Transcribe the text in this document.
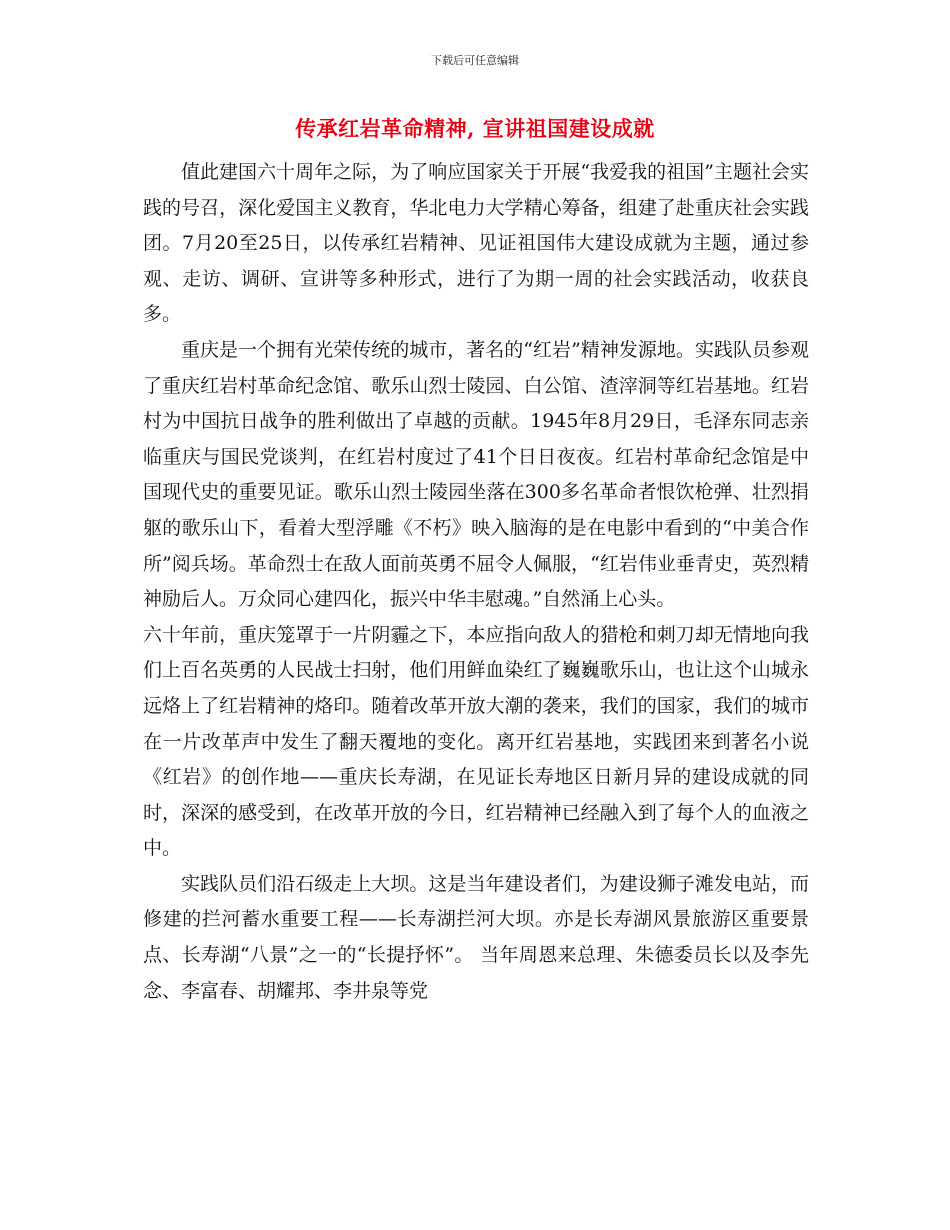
下载后可任意编辑
传承红岩革命精神, 宣讲祖国建设成就

值此建国六十周年之际，为了响应国家关于开展“我爱我的祖国”主题社会实践的号召，深化爱国主义教育，华北电力大学精心筹备，组建了赴重庆社会实践团。7月20至25日，以传承红岩精神、见证祖国伟大建设成就为主题，通过参观、走访、调研、宣讲等多种形式，进行了为期一周的社会实践活动，收获良多。

重庆是一个拥有光荣传统的城市，著名的“红岩”精神发源地。实践队员参观了重庆红岩村革命纪念馆、歌乐山烈士陵园、白公馆、渣滓洞等红岩基地。红岩村为中国抗日战争的胜利做出了卓越的贡献。1945年8月29日，毛泽东同志亲临重庆与国民党谈判，在红岩村度过了41个日日夜夜。红岩村革命纪念馆是中国现代史的重要见证。歌乐山烈士陵园坐落在300多名革命者恨饮枪弹、壮烈捐躯的歌乐山下，看着大型浮雕《不朽》映入脑海的是在电影中看到的“中美合作所”阅兵场。革命烈士在敌人面前英勇不屈令人佩服，“红岩伟业垂青史，英烈精神励后人。万众同心建四化，振兴中华丰慰魂。”自然涌上心头。

六十年前，重庆笼罩于一片阴霾之下，本应指向敌人的猎枪和刺刀却无情地向我们上百名英勇的人民战士扫射，他们用鲜血染红了巍巍歌乐山，也让这个山城永远烙上了红岩精神的烙印。随着改革开放大潮的袭来，我们的国家，我们的城市在一片改革声中发生了翻天覆地的变化。离开红岩基地，实践团来到著名小说《红岩》的创作地——重庆长寿湖，在见证长寿地区日新月异的建设成就的同时，深深的感受到，在改革开放的今日，红岩精神已经融入到了每个人的血液之中。

实践队员们沿石级走上大坝。这是当年建设者们，为建设狮子滩发电站，而修建的拦河蓄水重要工程——长寿湖拦河大坝。亦是长寿湖风景旅游区重要景点、长寿湖“八景”之一的“长提抒怀”。 当年周恩来总理、朱德委员长以及李先念、李富春、胡耀邦、李井泉等党
